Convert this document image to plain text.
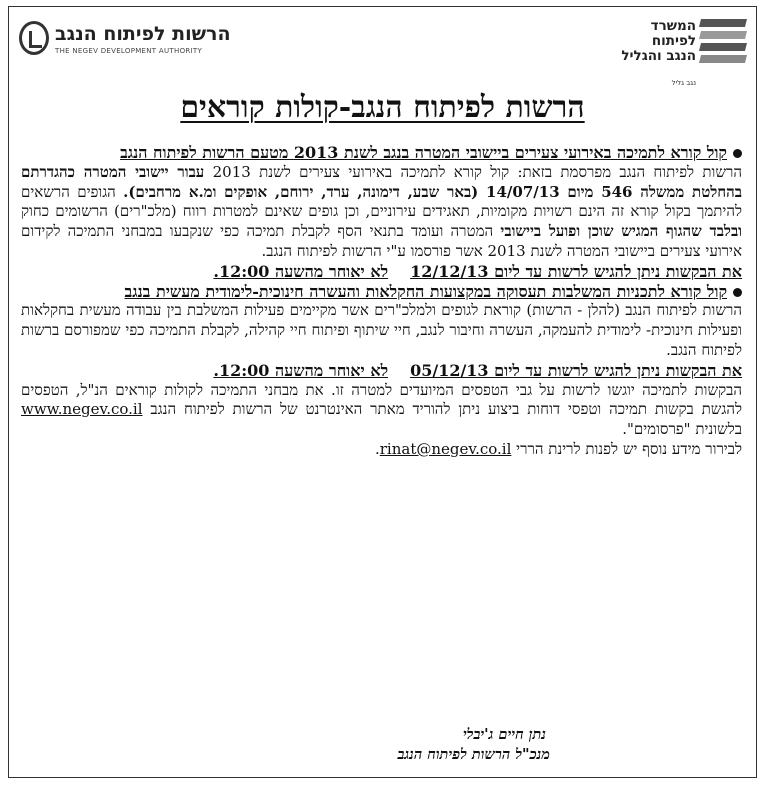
הרשות לפיתוח הנגב
THE NEGEV DEVELOPMENT AUTHORITY
המשרד
לפיתוח
הנגב והגליל
נגב גליל
הרשות לפיתוח הנגב-קולות קוראים

קול קורא לתמיכה באירועי צעירים ביישובי המטרה בנגב לשנת 2013 מטעם הרשות לפיתוח הנגב

הרשות לפיתוח הנגב מפרסמת בזאת: קול קורא לתמיכה באירועי צעירים לשנת 2013 עבור יישובי המטרה כהגדרתם בהחלטת ממשלה 546 מיום 14/07/13 (באר שבע, דימונה, ערד, ירוחם, אופקים ומ.א מרחבים). הגופים הרשאים להיתמך בקול קורא זה הינם רשויות מקומיות, תאגידים עירוניים, וכן גופים שאינם למטרות רווח (מלכ"רים) הרשומים כחוק ובלבד שהגוף המגיש שוכן ופועל ביישובי המטרה ועומד בתנאי הסף לקבלת תמיכה כפי שנקבעו במבחני התמיכה לקידום אירועי צעירים ביישובי המטרה לשנת 2013 אשר פורסמו ע"י הרשות לפיתוח הנגב.

את הבקשות ניתן להגיש לרשות עד ליום 12/12/13לא יאוחר מהשעה 12:00.

קול קורא לתכניות המשלבות תעסוקה במקצועות החקלאות והעשרה חינוכית-לימודית מעשית בנגב

הרשות לפיתוח הנגב (להלן - הרשות) קוראת לגופים ולמלכ"רים אשר מקיימים פעילות המשלבת בין עבודה מעשית בחקלאות ופעילות חינוכית- לימודית להעמקה, העשרה וחיבור לנגב, חיי שיתוף ופיתוח חיי קהילה, לקבלת התמיכה כפי שמפורסם ברשות לפיתוח הנגב.

את הבקשות ניתן להגיש לרשות עד ליום 05/12/13לא יאוחר מהשעה 12:00.

הבקשות לתמיכה יוגשו לרשות על גבי הטפסים המיועדים למטרה זו. את מבחני התמיכה לקולות קוראים הנ"ל, הטפסים להגשת בקשות תמיכה וטפסי דוחות ביצוע ניתן להוריד מאתר האינטרנט של הרשות לפיתוח הנגב www.negev.co.il בלשונית "פרסומים".

לבירור מידע נוסף יש לפנות לרינת הררי rinat@negev.co.il.

נתן חיים ג'יבלי
מנכ"ל הרשות לפיתוח הנגב
